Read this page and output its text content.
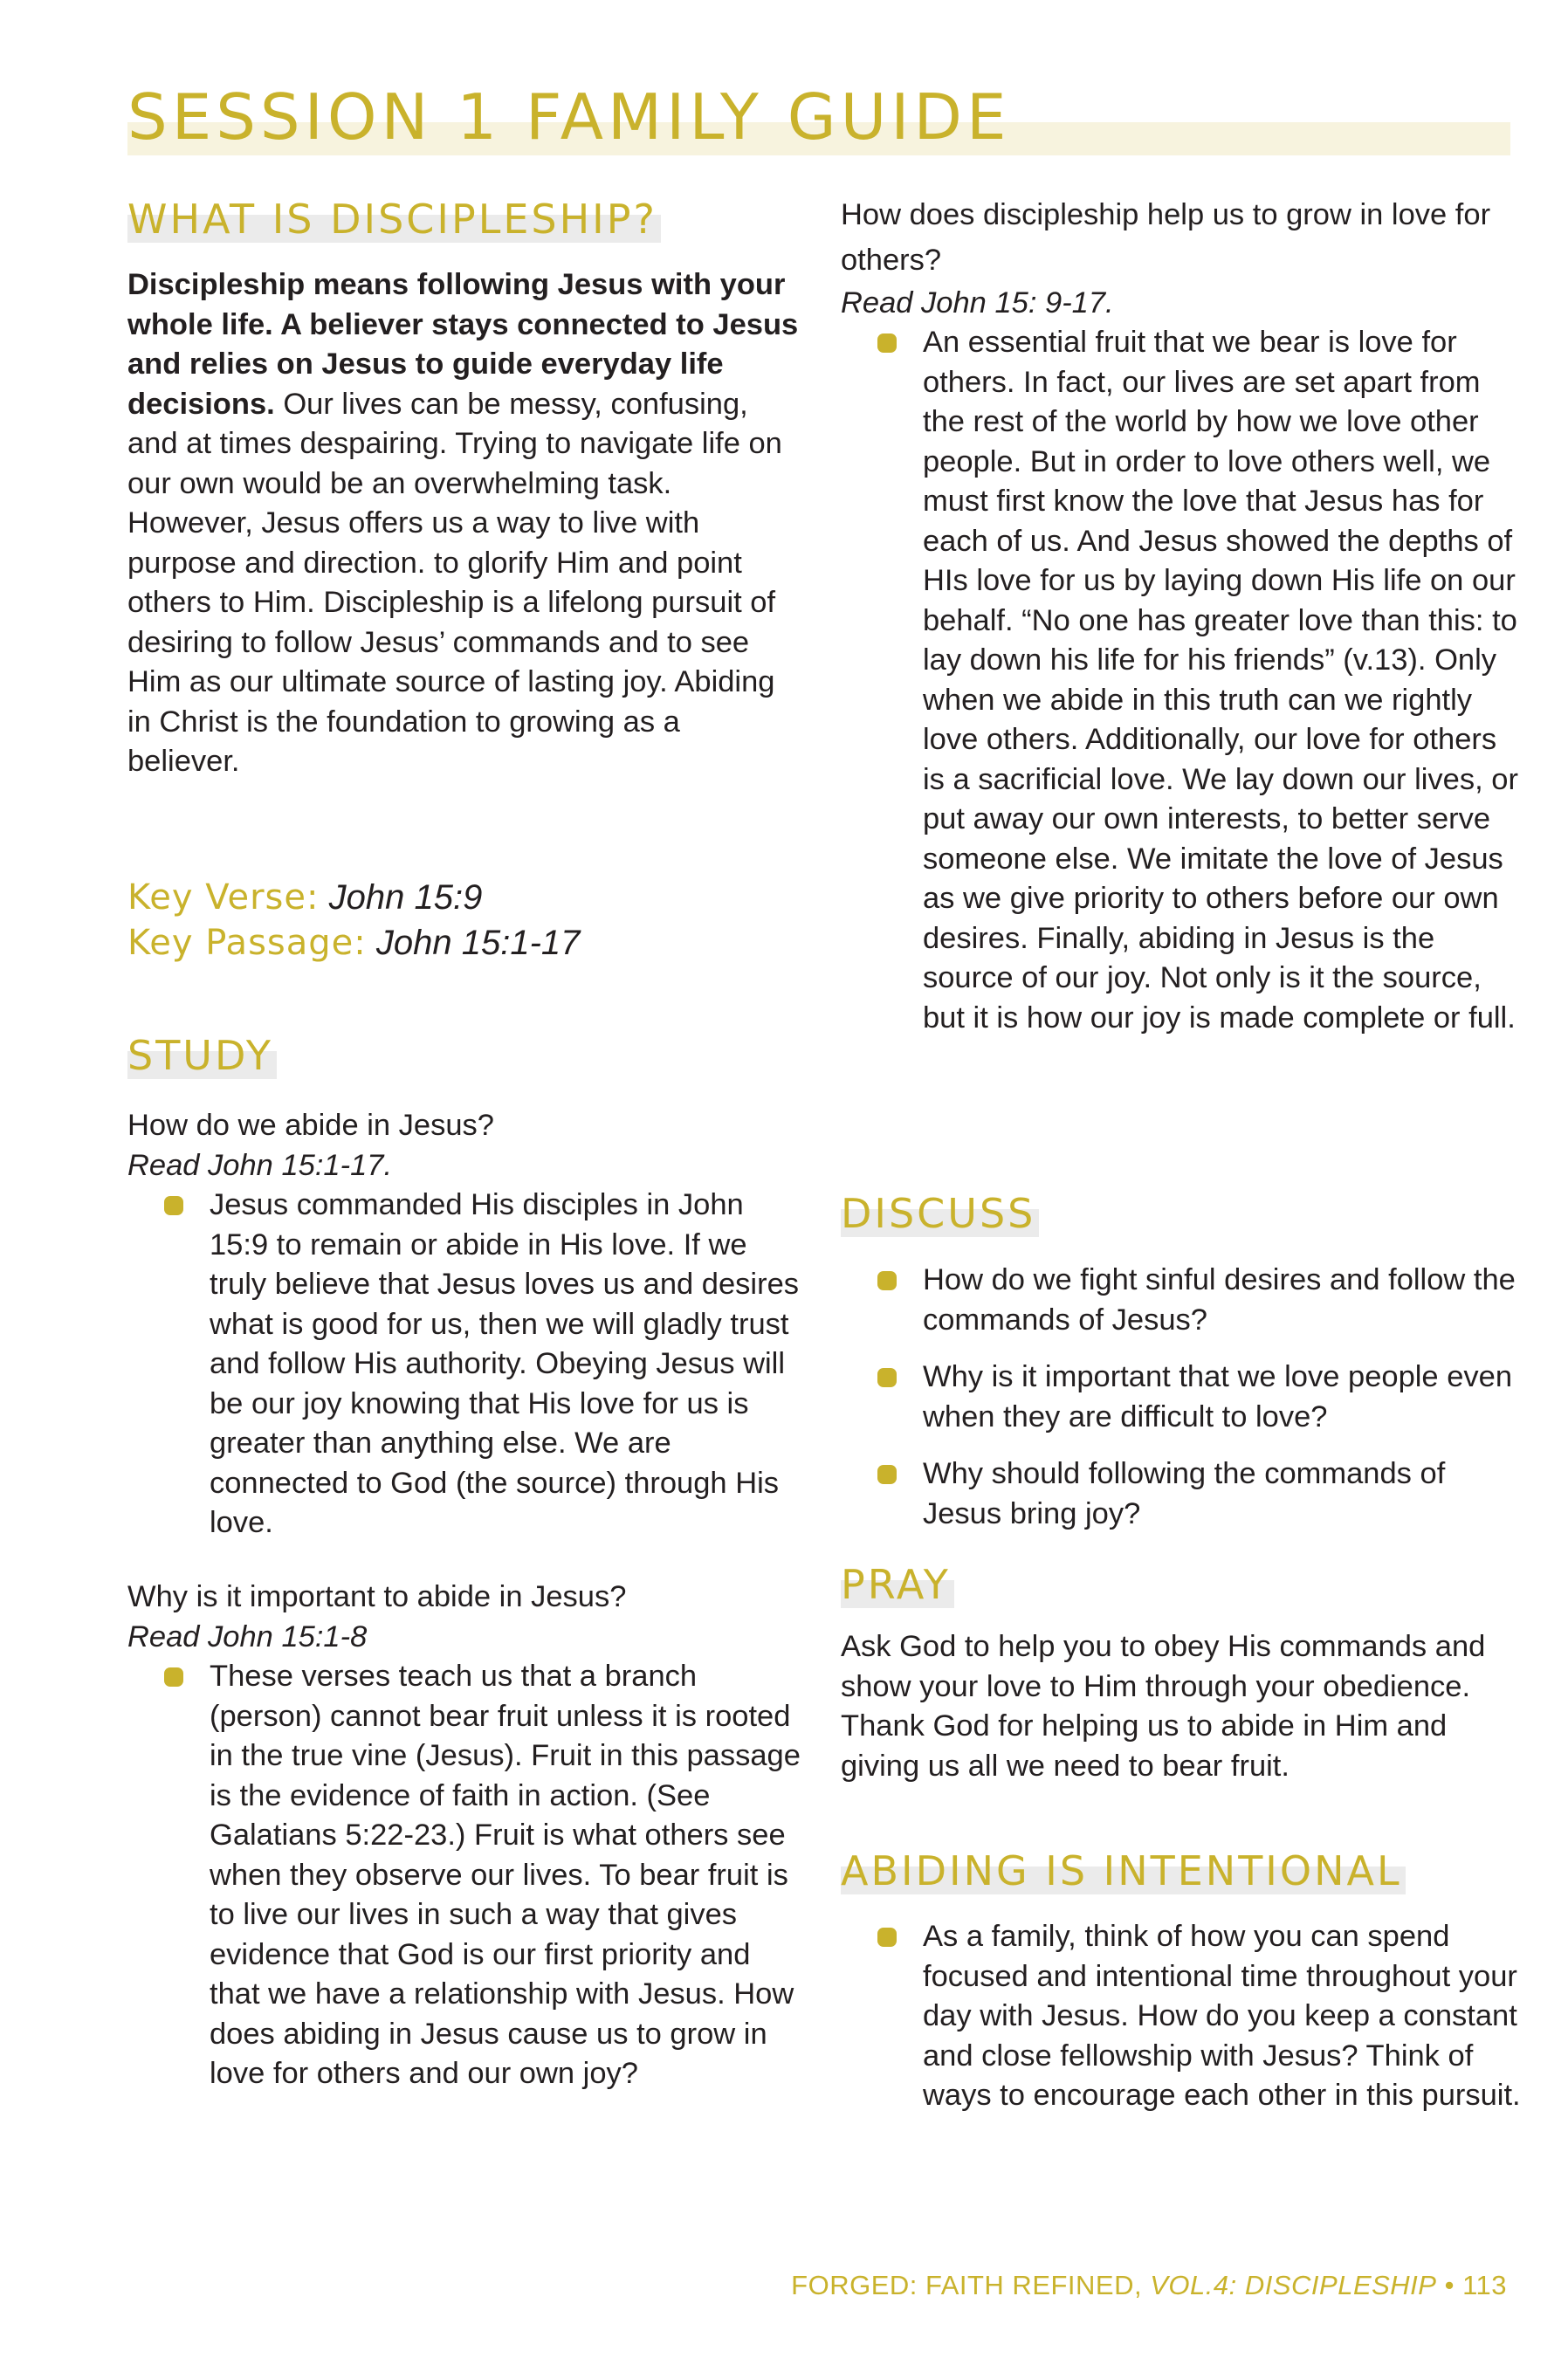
SESSION 1 FAMILY GUIDE
WHAT IS DISCIPLESHIP?

Discipleship means following Jesus with your whole life. A believer stays connected to Jesus and relies on Jesus to guide everyday life decisions. Our lives can be messy, confusing, and at times despairing. Trying to navigate life on our own would be an overwhelming task. However, Jesus offers us a way to live with purpose and direction. to glorify Him and point others to Him. Discipleship is a lifelong pursuit of desiring to follow Jesus’ commands and to see Him as our ultimate source of lasting joy. Abiding in Christ is the foundation to growing as a believer.

Key Verse: John 15:9

Key Passage: John 15:1-17

STUDY

How do we abide in Jesus?

Read John 15:1-17.

Jesus commanded His disciples in John 15:9 to remain or abide in His love. If we truly believe that Jesus loves us and desires what is good for us, then we will gladly trust and follow His authority. Obeying Jesus will be our joy knowing that His love for us is greater than anything else. We are connected to God (the source) through His love.

Why is it important to abide in Jesus?

Read John 15:1-8

These verses teach us that a branch (person) cannot bear fruit unless it is rooted in the true vine (Jesus). Fruit in this passage is the evidence of faith in action. (See Galatians 5:22-23.) Fruit is what others see when they observe our lives. To bear fruit is to live our lives in such a way that gives evidence that God is our first priority and that we have a relationship with Jesus. How does abiding in Jesus cause us to grow in love for others and our own joy?

How does discipleship help us to grow in love for others?

Read John 15: 9-17.

An essential fruit that we bear is love for others. In fact, our lives are set apart from the rest of the world by how we love other people. But in order to love others well, we must first know the love that Jesus has for each of us. And Jesus showed the depths of HIs love for us by laying down His life on our behalf. “No one has greater love than this: to lay down his life for his friends” (v.13). Only when we abide in this truth can we rightly love others. Additionally, our love for others is a sacrificial love. We lay down our lives, or put away our own interests, to better serve someone else. We imitate the love of Jesus as we give priority to others before our own desires. Finally, abiding in Jesus is the source of our joy. Not only is it the source, but it is how our joy is made complete or full.

DISCUSS

How do we fight sinful desires and follow the commands of Jesus?

Why is it important that we love people even when they are difficult to love?

Why should following the commands of Jesus bring joy?

PRAY

Ask God to help you to obey His commands and show your love to Him through your obedience. Thank God for helping us to abide in Him and giving us all we need to bear fruit.

ABIDING IS INTENTIONAL

As a family, think of how you can spend focused and intentional time throughout your day with Jesus. How do you keep a constant and close fellowship with Jesus? Think of ways to encourage each other in this pursuit.

FORGED: FAITH REFINED, VOL.4: DISCIPLESHIP • 113
